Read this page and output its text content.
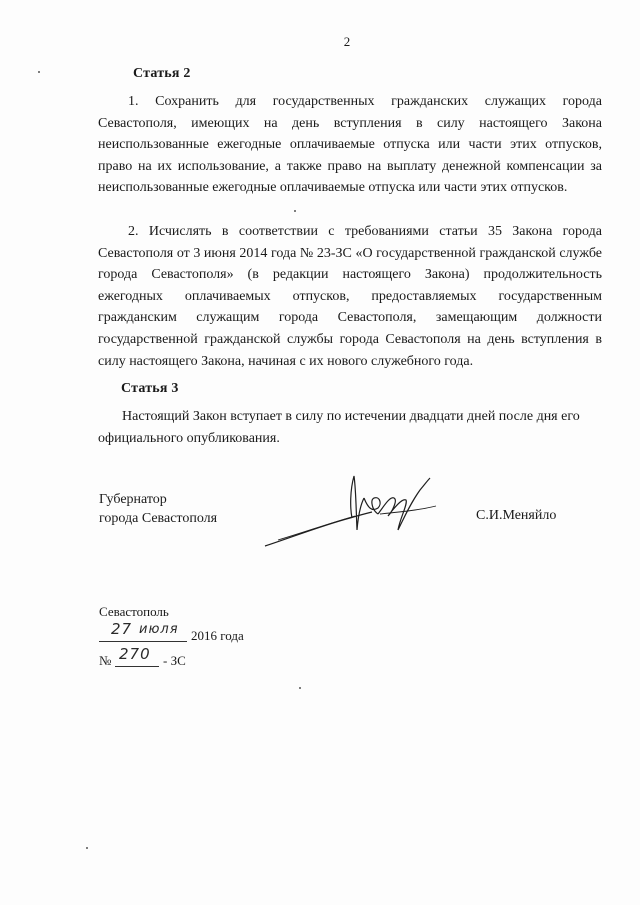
2
Статья 2

1. Сохранить для государственных гражданских служащих города Севастополя, имеющих на день вступления в силу настоящего Закона неиспользованные ежегодные оплачиваемые отпуска или части этих отпусков, право на их использование, а также право на выплату денежной компенсации за неиспользованные ежегодные оплачиваемые отпуска или части этих отпусков.

2. Исчислять в соответствии с требованиями статьи 35 Закона города Севастополя от 3 июня 2014 года № 23-ЗС «О государственной гражданской службе города Севастополя» (в редакции настоящего Закона) продолжительность ежегодных оплачиваемых отпусков, предоставляемых государственным гражданским служащим города Севастополя, замещающим должности государственной гражданской службы города Севастополя на день вступления в силу настоящего Закона, начиная с их нового служебного года.

Статья 3

Настоящий Закон вступает в силу по истечении двадцати дней после дня его официального опубликования.

Губернатор
города Севастополя	С.И.Меняйло
Севастополь
27 июля 2016 года
№ 270 - ЗС
